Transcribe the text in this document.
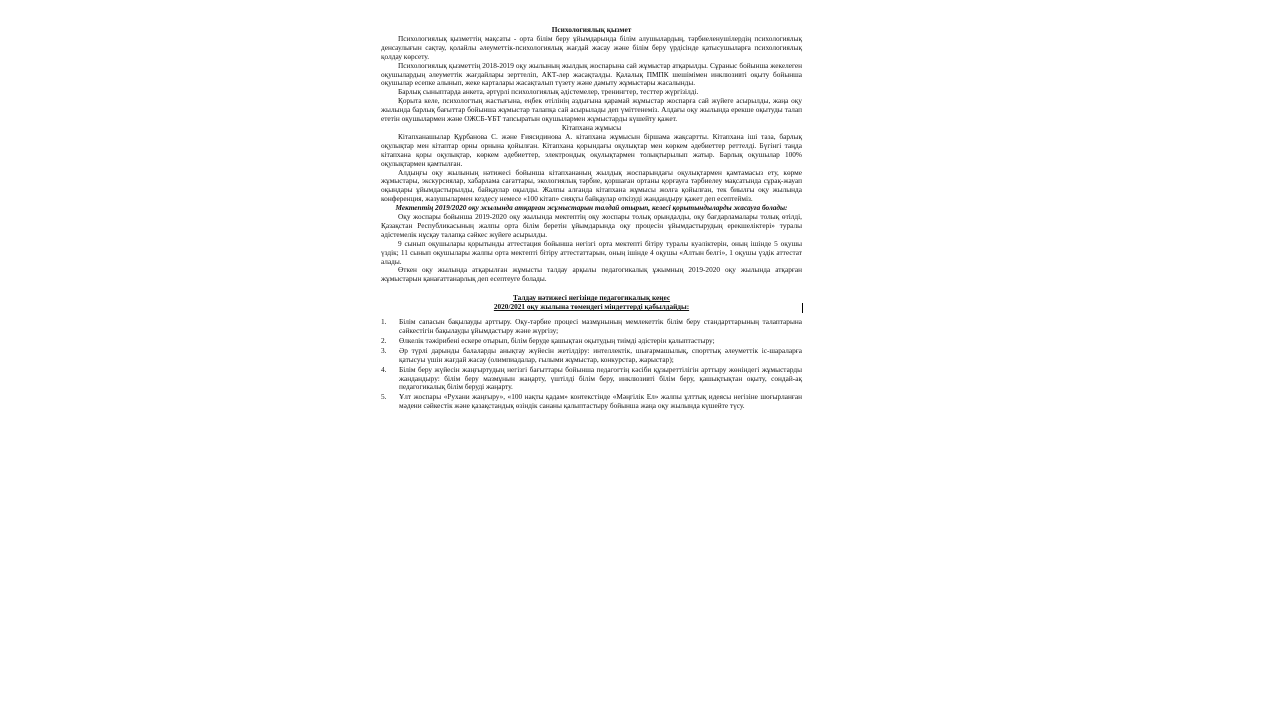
Психологиялық қызмет

Психологиялық қызметтің мақсаты - орта білім беру ұйымдарында білім алушылардың, тәрбиеленушілердің психологиялық денсаулығын сақтау, қолайлы әлеуметтік-психологиялық жағдай жасау және білім беру үрдісінде қатысушыларға психологиялық қолдау көрсету.

Психологиялық қызметтің 2018-2019 оқу жылының жылдық жоспарына сай жұмыстар атқарылды. Сұраныс бойынша жекелеген оқушылардың әлеуметтік жағдайлары зерттеліп, АКТ-лер жасақталды. Қалалық ПМПК шешімімен инклюзивті оқыту бойынша оқушылар есепке алынып, жеке карталары жасақталып түзету және дамыту жұмыстары жасалынды.

Барлық сыныптарда анкета, әртүрлі психологиялық әдістемелер, тренингтер, тесттер жүргізілді.

Қорыта келе, психологтың жастығына, еңбек өтілінің аздығына қарамай жұмыстар жоспарға сай жүйеге асырылды, жаңа оқу жылында барлық бағыттар бойынша жұмыстар талапқа сай асырылады деп үміттенеміз. Алдағы оқу жылында ерекше оқытуды талап ететін оқушылармен және ОЖСБ-ҰБТ тапсыратын оқушылармен жұмыстарды күшейту қажет.

Кітапхана жұмысы

Кітапханашылар Құрбанова С. және Ғиясидинова А. кітапхана жұмысын біршама жақсартты. Кітапхана іші таза, барлық оқулықтар мен кітаптар орны орнына қойылған. Кітапхана қорындағы оқулықтар мен көркем әдебиеттер реттелді. Бүгінгі таңда кітапхана қоры оқулықтар, көркем әдебиеттер, электрондық оқулықтармен толықтырылып жатыр. Барлық оқушылар 100% оқулықтармен қамтылған.

Алдыңғы оқу жылының нәтижесі бойынша кітапхананың жылдық жоспарындағы оқулықтармен қамтамасыз ету, көрме жұмыстары, экскурсиялар, хабарлама сағаттары, экологиялық тәрбие, қоршаған ортаны қорғауға тәрбиелеу мақсатында сұрақ-жауап оқындары ұйымдастырылды, байқаулар оқылды. Жалпы алғанда кітапхана жұмысы жолға қойылған, тек биылғы оқу жылында конференция, жазушылармен кездесу немесе «100 кітап» сияқты байқаулар өткізуді жандандыру қажет деп есептейміз.

Мектептің 2019/2020 оқу жылында атқарған жұмыстарын талдай отырып, келесі қорытындыларды жасауға болады:

Оқу жоспары бойынша 2019-2020 оқу жылында мектептің оқу жоспары толық орындалды, оқу бағдарламалары толық өтілді, Қазақстан Республикасының жалпы орта білім беретін ұйымдарында оқу процесін ұйымдастырудың ерекшеліктері» туралы әдістемелік нұсқау талапқа сәйкес жүйеге асырылды.

9 сынып оқушылары қорытынды аттестация бойынша негізгі орта мектепті бітіру туралы куәліктерін, оның ішінде 5 оқушы үздік; 11 сынып оқушылары жалпы орта мектепті бітіру аттестаттарын, оның ішінде 4 оқушы «Алтын белгі», 1 оқушы үздік аттестат алады.

Өткен оқу жылында атқарылған жұмысты талдау арқылы педагогикалық ұжымның 2019-2020 оқу жылында атқарған жұмыстарын қанағаттанарлық деп есептеуге болады.

Талдау нәтижесі негізінде педагогикалық кеңес

2020/2021 оқу жылына төмендегі міндеттерді қабылдайды:

1.	Білім сапасын бақылауды арттыру. Оқу-тәрбие процесі мазмұнының мемлекеттік білім беру стандарттарының талаптарына сәйкестігін бақылауды ұйымдастыру және жүргізу;
2.	Өлкелік тәжірибені ескере отырып, білім беруде қашықтан оқытудың тиімді әдістерін қалыптастыру;
3.	Әр түрлі дарынды балаларды анықтау жүйесін жетілдіру: интеллектік, шығармашылық, спорттық әлеуметтік іс-шараларға қатысуы үшін жағдай жасау (олимпиадалар, ғылыми жұмыстар, конкурстар, жарыстар);
4.	Білім беру жүйесін жаңғыртудың негізгі бағыттары бойынша педагогтің кәсіби құзыреттілігін арттыру жөніндегі жұмыстарды жандандыру: білім беру мазмұнын жаңарту, үштілді білім беру, инклюзивті білім беру, қашықтықтан оқыту, сондай-ақ педагогикалық білім беруді жаңарту.
5.	Ұлт жоспары «Рухани жаңғыру», «100 нақты қадам» контекстінде «Мәңгілік Ел» жалпы ұлттық идеясы негізіне шоғырланған мәдени сәйкестік және қазақстандық өзіндік сананы қалыптастыру бойынша жаңа оқу жылында күшейте түсу.
